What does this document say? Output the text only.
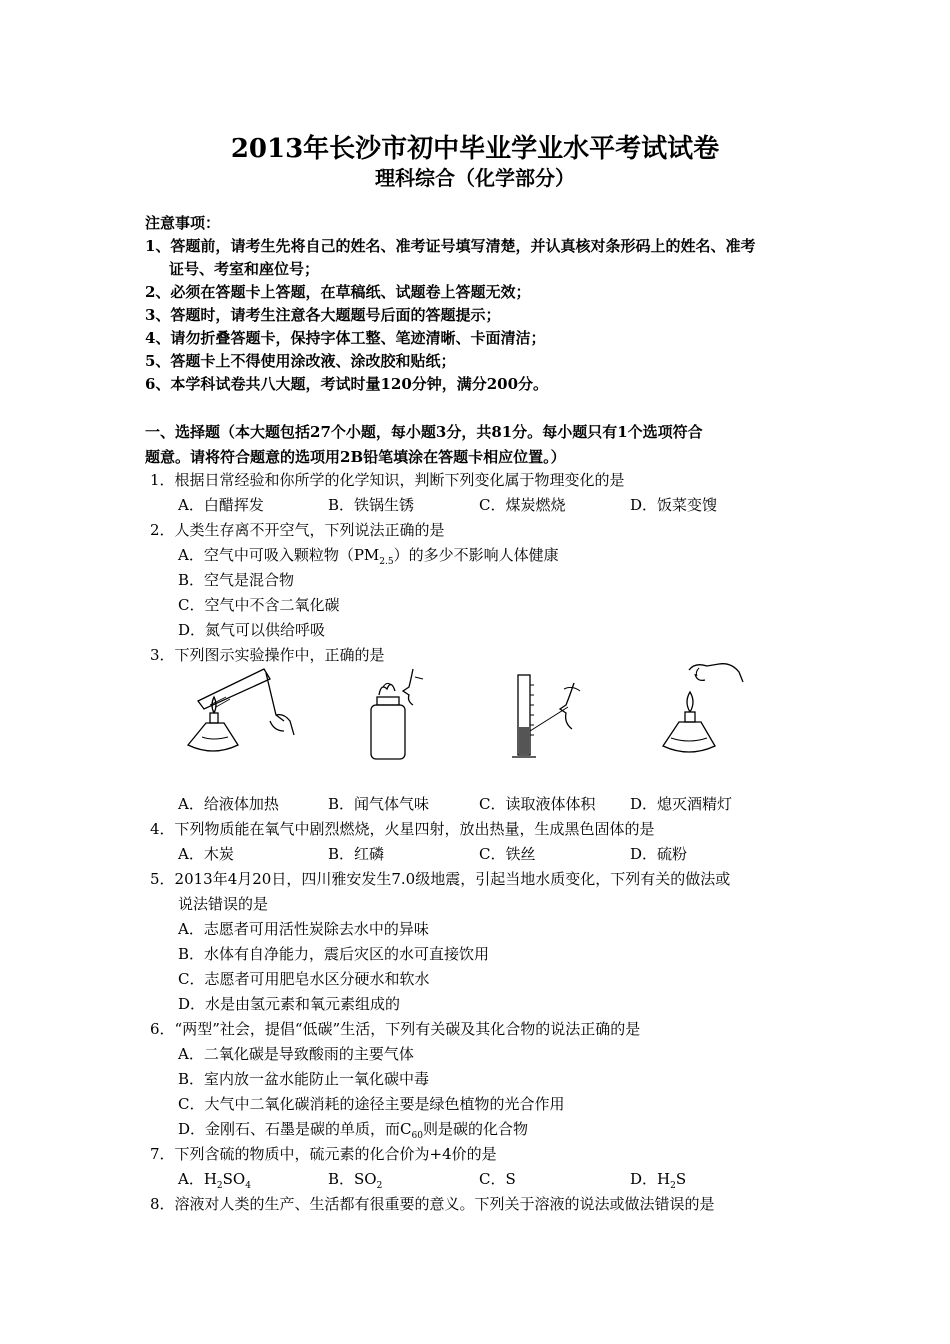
2013年长沙市初中毕业学业水平考试试卷
理科综合（化学部分）
注意事项：
1、答题前，请考生先将自己的姓名、准考证号填写清楚，并认真核对条形码上的姓名、准考
证号、考室和座位号；
2、必须在答题卡上答题，在草稿纸、试题卷上答题无效；
3、答题时，请考生注意各大题题号后面的答题提示；
4、请勿折叠答题卡，保持字体工整、笔迹清晰、卡面清洁；
5、答题卡上不得使用涂改液、涂改胶和贴纸；
6、本学科试卷共八大题，考试时量120分钟，满分200分。
一、选择题（本大题包括27个小题，每小题3分，共81分。每小题只有1个选项符合
题意。请将符合题意的选项用2B铅笔填涂在答题卡相应位置。）
1．根据日常经验和你所学的化学知识，判断下列变化属于物理变化的是
A．白醋挥发	B．铁锅生锈	C．煤炭燃烧	D．饭菜变馊
2．人类生存离不开空气，下列说法正确的是
A．空气中可吸入颗粒物$(PM_{2.5})$的多少不影响人体健康
B．空气是混合物
C．空气中不含二氧化碳
D．氮气可以供给呼吸
3．下列图示实验操作中，正确的是
A．给液体加热	B．闻气体气味	C．读取液体体积 D．熄灭酒精灯
4．下列物质能在氧气中剧烈燃烧，火星四射，放出热量，生成黑色固体的是
A．木炭	B．红磷	C．铁丝	D．硫粉
5．2013年4月20日，四川雅安发生7.0级地震，引起当地水质变化，下列有关的做法或
说法错误的是
A．志愿者可用活性炭除去水中的异味
B．水体有自净能力，震后灾区的水可直接饮用
C．志愿者可用肥皂水区分硬水和软水
D．水是由氢元素和氧元素组成的
6．“两型”社会，提倡“低碳”生活，下列有关碳及其化合物的说法正确的是
A．二氧化碳是导致酸雨的主要气体
B．室内放一盆水能防止一氧化碳中毒
C．大气中二氧化碳消耗的途径主要是绿色植物的光合作用
D．金刚石、石墨是碳的单质，而$C_{60}$则是碳的化合物
7．下列含硫的物质中，硫元素的化合价为+4价的是
A．$H_2SO_4$	B．$SO_2$	C．S	D．$H_2S$
8．溶液对人类的生产、生活都有很重要的意义。下列关于溶液的说法或做法错误的是
